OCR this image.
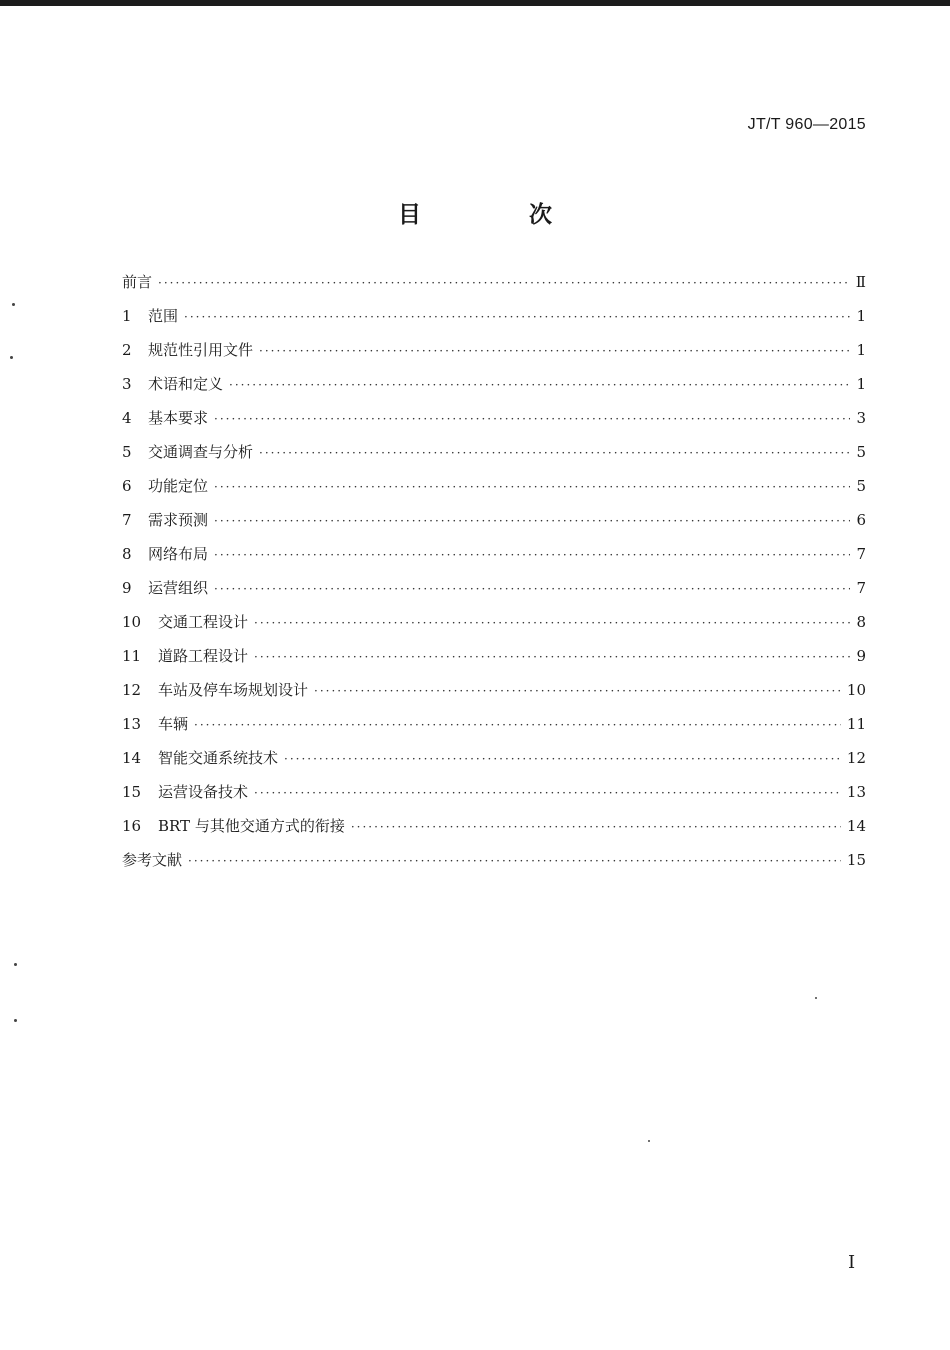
JT/T 960—2015
目 次
前言 ·····	Ⅱ
1	范围 ·····	1
2	规范性引用文件 ·····	1
3	术语和定义 ·····	1
4	基本要求 ·····	3
5	交通调查与分析 ·····	5
6	功能定位 ·····	5
7	需求预测 ·····	6
8	网络布局 ·····	7
9	运营组织 ·····	7
10	交通工程设计 ·····	8
11	道路工程设计 ·····	9
12	车站及停车场规划设计 ·····	10
13	车辆 ·····	11
14	智能交通系统技术 ·····	12
15	运营设备技术 ·····	13
16	BRT 与其他交通方式的衔接 ·····	14
参考文献 ·····	15
I
